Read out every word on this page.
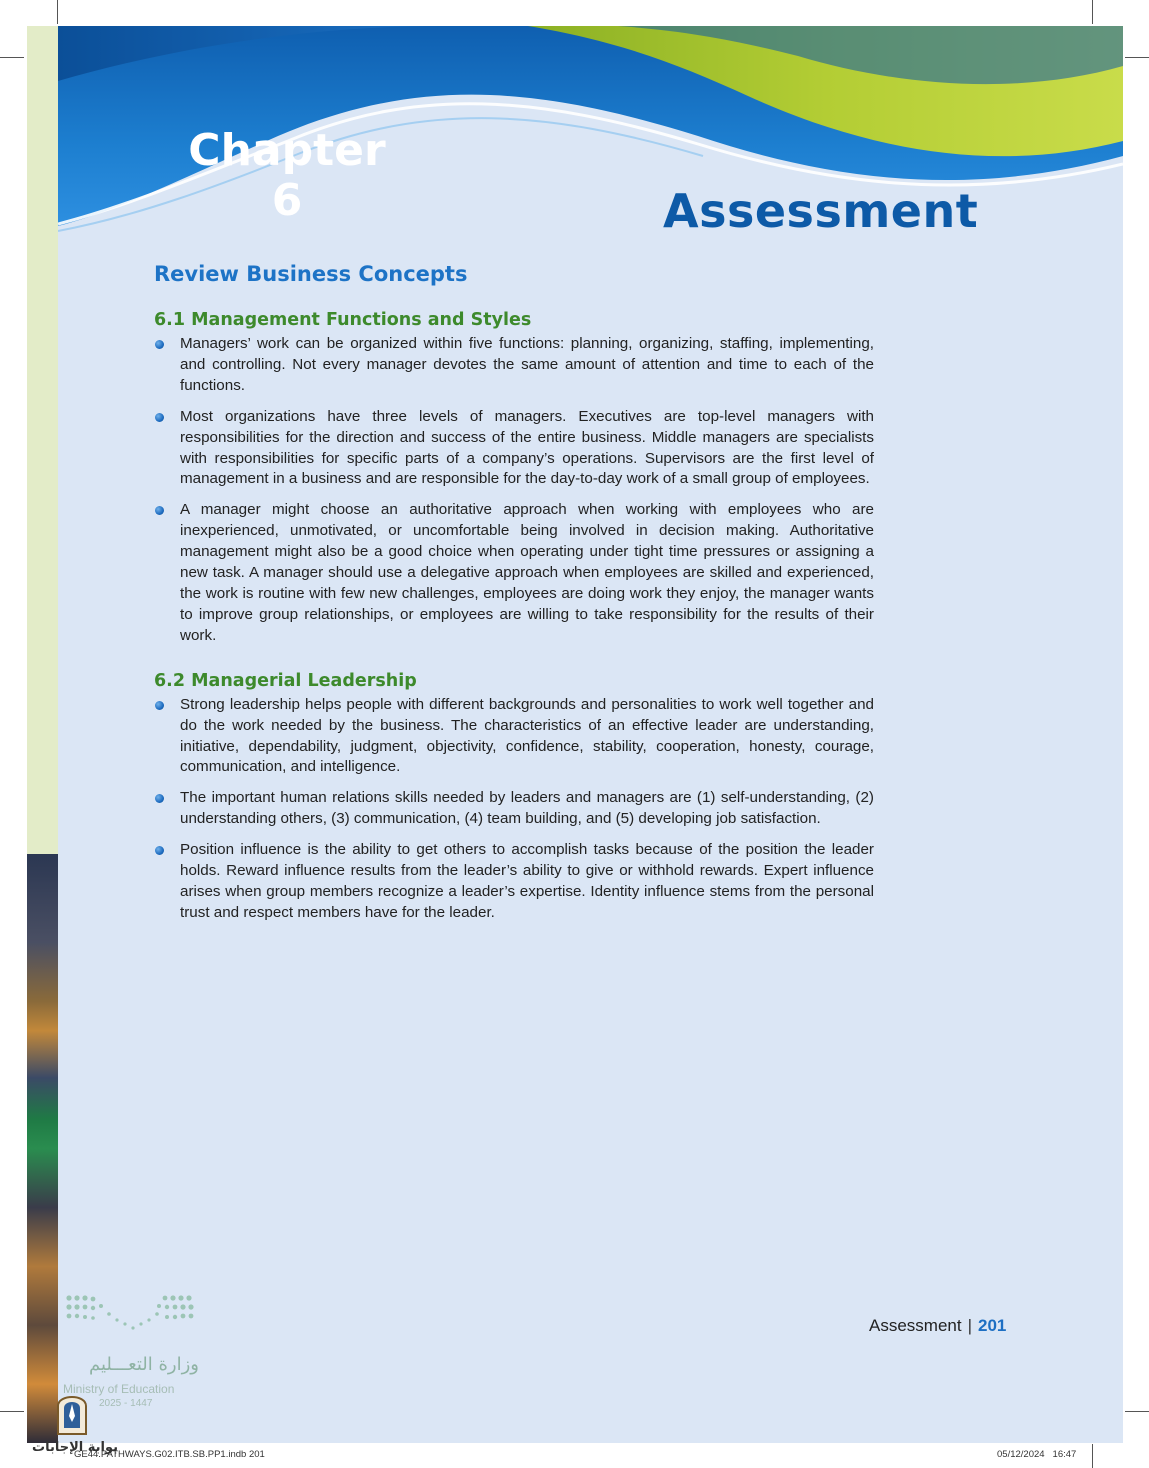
Chapter
6	Assessment
Review Business Concepts
6.1 Management Functions and Styles
Managers’ work can be organized within five functions: planning, organizing, staffing, implementing, and controlling. Not every manager devotes the same amount of attention and time to each of the functions.
Most organizations have three levels of managers. Executives are top-level managers with responsibilities for the direction and success of the entire business. Middle managers are specialists with responsibilities for specific parts of a company’s operations. Supervisors are the first level of management in a business and are responsible for the day-to-day work of a small group of employees.
A manager might choose an authoritative approach when working with employees who are inexperienced, unmotivated, or uncomfortable being involved in decision making. Authoritative management might also be a good choice when operating under tight time pressures or assigning a new task. A manager should use a delegative approach when employees are skilled and experienced, the work is routine with few new challenges, employees are doing work they enjoy, the manager wants to improve group relationships, or employees are willing to take responsibility for the results of their work.
6.2 Managerial Leadership
Strong leadership helps people with different backgrounds and personalities to work well together and do the work needed by the business. The characteristics of an effective leader are understanding, initiative, dependability, judgment, objectivity, confidence, stability, cooperation, honesty, courage, communication, and intelligence.
The important human relations skills needed by leaders and managers are (1) self-understanding, (2) understanding others, (3) communication, (4) team building, and (5) developing job satisfaction.
Position influence is the ability to get others to accomplish tasks because of the position the leader holds. Reward influence results from the leader’s ability to give or withhold rewards. Expert influence arises when group members recognize a leader’s expertise. Identity influence stems from the personal trust and respect members have for the leader.
وزارة التعـــليم
Ministry of Education
2025 - 1447
Assessment | 201
بوابة الإجابات
GE44.PATHWAYS.G02.ITB.SB.PP1.indb 201	05/12/2024 16:47
